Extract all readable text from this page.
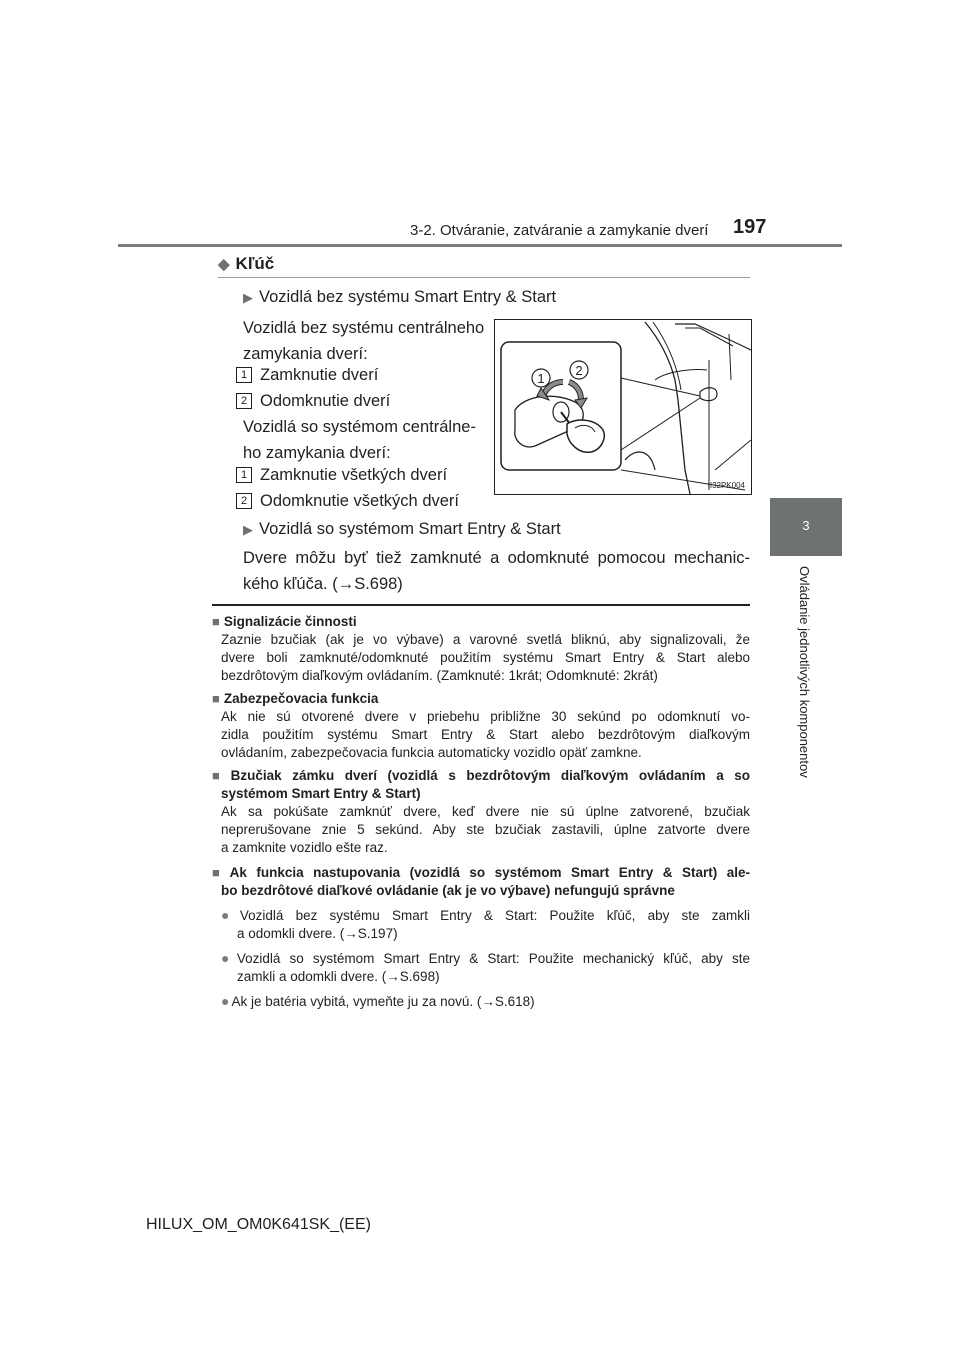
3-2. Otváranie, zatváranie a zamykanie dverí 197
3
Ovládanie jednotlivých komponentov
◆ Kľúč
▶ Vozidlá bez systému Smart Entry & Start
Vozidlá bez systému centrálneho
zamykania dverí:
1 Zamknutie dverí
2 Odomknutie dverí
Vozidlá so systémom centrálne-
ho zamykania dverí:
1 Zamknutie všetkých dverí
2 Odomknutie všetkých dverí
1
2
II32PK004
▶ Vozidlá so systémom Smart Entry & Start
Dvere môžu byť tiež zamknuté a odomknuté pomocou mechanic-
kého kľúča. (→S.698)
■ Signalizácie činnosti
Zaznie bzučiak (ak je vo výbave) a varovné svetlá bliknú, aby signalizovali, že
dvere boli zamknuté/odomknuté použitím systému Smart Entry & Start alebo
bezdrôtovým diaľkovým ovládaním. (Zamknuté: 1krát; Odomknuté: 2krát)
■ Zabezpečovacia funkcia
Ak nie sú otvorené dvere v priebehu približne 30 sekúnd po odomknutí vo-
zidla použitím systému Smart Entry & Start alebo bezdrôtovým diaľkovým
ovládaním, zabezpečovacia funkcia automaticky vozidlo opäť zamkne.
■ Bzučiak zámku dverí (vozidlá s bezdrôtovým diaľkovým ovládaním a so
systémom Smart Entry & Start)
Ak sa pokúšate zamknúť dvere, keď dvere nie sú úplne zatvorené, bzučiak
neprerušovane znie 5 sekúnd. Aby ste bzučiak zastavili, úplne zatvorte dvere
a zamknite vozidlo ešte raz.
■ Ak funkcia nastupovania (vozidlá so systémom Smart Entry & Start) ale-
bo bezdrôtové diaľkové ovládanie (ak je vo výbave) nefungujú správne
● Vozidlá bez systému Smart Entry & Start: Použite kľúč, aby ste zamkli
a odomkli dvere. (→S.197)
● Vozidlá so systémom Smart Entry & Start: Použite mechanický kľúč, aby ste
zamkli a odomkli dvere. (→S.698)
● Ak je batéria vybitá, vymeňte ju za novú. (→S.618)
HILUX_OM_OM0K641SK_(EE)
